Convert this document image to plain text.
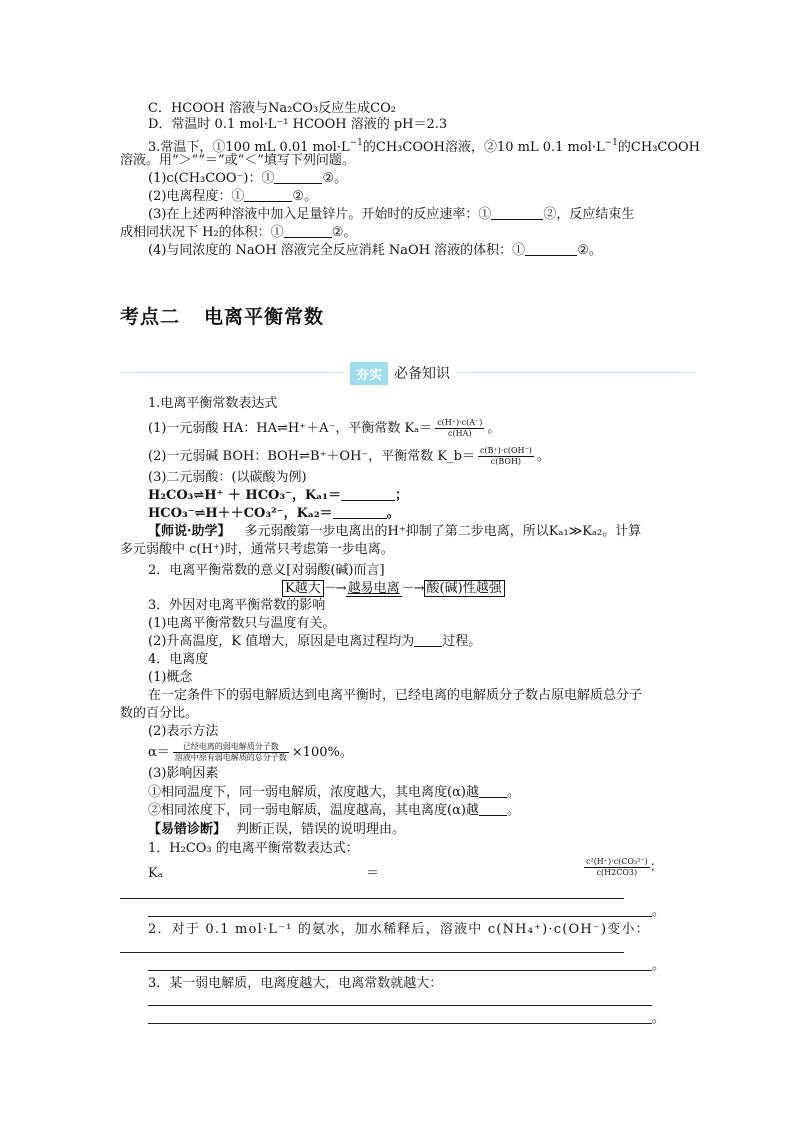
C．HCOOH 溶液与Na₂CO₃反应生成CO₂
D．常温时 0.1 mol·L⁻¹ HCOOH 溶液的 pH＝2.3
3.常温下，①100 mL 0.01 $mol\cdot L^{-1}$的CH₃COOH溶液，②10 mL 0.1 $mol\cdot L^{-1}$的CH₃COOH
溶液。用“＞”“＝”或“＜”填写下列问题。
(1)c(CH₃COO⁻)：①	②。
(2)电离程度：①	②。
(3)在上述两种溶液中加入足量锌片。开始时的反应速率：①	②，反应结束生
成相同状况下 H₂的体积：①	②。
(4)与同浓度的 NaOH 溶液完全反应消耗 NaOH 溶液的体积：①	②。
考点二 电离平衡常数
夯实 必备知识
1.电离平衡常数表达式
(1)一元弱酸 HA：HA⇌H⁺＋A⁻，平衡常数 $K_a= \frac{c(H^+)\cdot c(A^-)}{c(HA)}$ 。
(2)一元弱碱 BOH：BOH⇌B⁺＋OH⁻，平衡常数 K_b＝ $\frac{c(B^+)\cdot c(OH^-)}{\text{c(BOH)}}$ 。
(3)二元弱酸：(以碳酸为例)
H₂CO₃⇌H⁺ ＋ HCO₃⁻，Kₐ₁＝	；
HCO₃⁻⇌H＋＋CO₃²⁻，Kₐ₂＝	。
【师说·助学】 多元弱酸第一步电离出的H⁺抑制了第二步电离，所以Kₐ₁≫Kₐ₂。计算
多元弱酸中 c(H⁺)时，通常只考虑第一步电离。
2．电离平衡常数的意义[对弱酸(碱)而言]
K越大 －→ 越易电离 －→ 酸(碱)性越强
3．外因对电离平衡常数的影响
(1)电离平衡常数只与温度有关。
(2)升高温度，K 值增大，原因是电离过程均为 过程。
4．电离度
(1)概念
在一定条件下的弱电解质达到电离平衡时，已经电离的电解质分子数占原电解质总分子
数的百分比。
(2)表示方法
$\alpha= \frac{\text{已经电离的弱电解质分子数}}{\text{溶液中原有弱电解质的总分子数}} \times 100\%$。
(3)影响因素
①相同温度下，同一弱电解质，浓度越大，其电离度(α)越 。
②相同浓度下，同一弱电解质，温度越高，其电离度(α)越 。
【易错诊断】 判断正误，错误的说明理由。
1．H₂CO₃ 的电离平衡常数表达式：
Kₐ	＝	$\frac{\text{c²(H⁺)·c(CO₃²⁻)}}{c(H2CO3)}$ ：
。
2．对于 0.1 mol·L⁻¹ 的氨水，加水稀释后，溶液中 c(NH₄⁺)·c(OH⁻)变小：
。
3．某一弱电解质，电离度越大，电离常数就越大：
。
